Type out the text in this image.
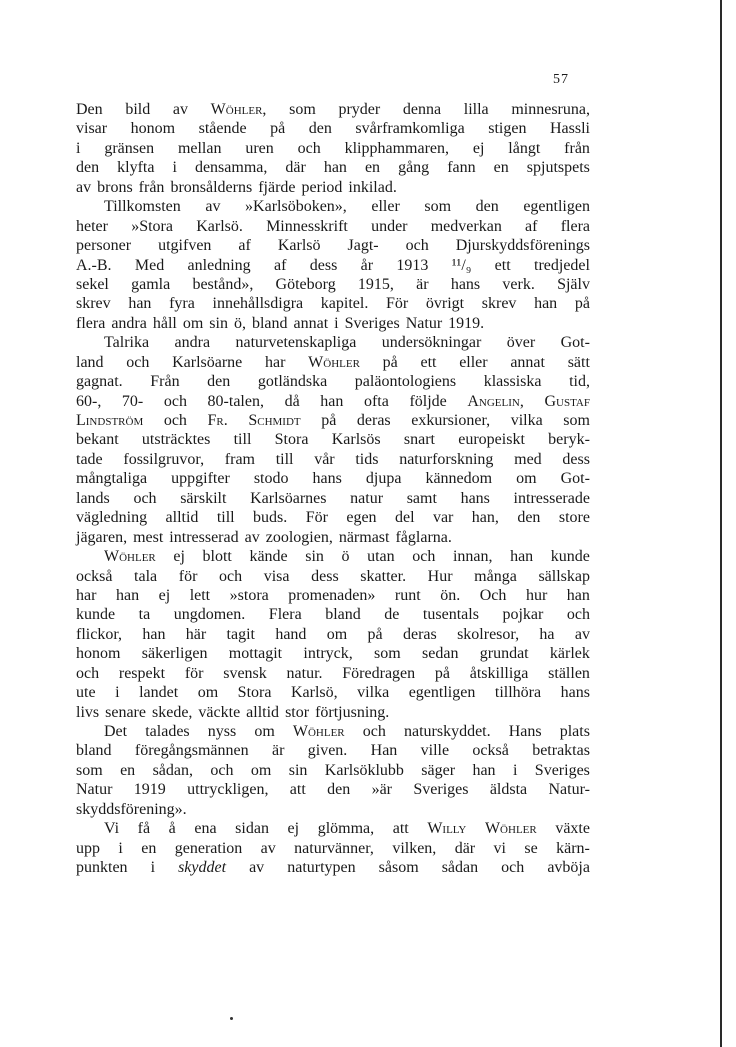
57
Den bild av Wöhler, som pryder denna lilla minnesruna,
visar honom stående på den svårframkomliga stigen Hassli
i gränsen mellan uren och klipphammaren, ej långt från
den klyfta i densamma, där han en gång fann en spjutspets
av brons från bronsålderns fjärde period inkilad.
Tillkomsten av »Karlsöboken», eller som den egentligen
heter »Stora Karlsö. Minnesskrift under medverkan af flera
personer utgifven af Karlsö Jagt- och Djurskyddsförenings
A.-B. Med anledning af dess år 1913 ¹¹/₉ ett tredjedel
sekel gamla bestånd», Göteborg 1915, är hans verk. Själv
skrev han fyra innehållsdigra kapitel. För övrigt skrev han på
flera andra håll om sin ö, bland annat i Sveriges Natur 1919.
Talrika andra naturvetenskapliga undersökningar över Got-
land och Karlsöarne har Wöhler på ett eller annat sätt
gagnat. Från den gotländska paläontologiens klassiska tid,
60-, 70- och 80-talen, då han ofta följde Angelin, Gustaf
Lindström och Fr. Schmidt på deras exkursioner, vilka som
bekant utsträcktes till Stora Karlsös snart europeiskt beryk-
tade fossilgruvor, fram till vår tids naturforskning med dess
mångtaliga uppgifter stodo hans djupa kännedom om Got-
lands och särskilt Karlsöarnes natur samt hans intresserade
vägledning alltid till buds. För egen del var han, den store
jägaren, mest intresserad av zoologien, närmast fåglarna.
Wöhler ej blott kände sin ö utan och innan, han kunde
också tala för och visa dess skatter. Hur många sällskap
har han ej lett »stora promenaden» runt ön. Och hur han
kunde ta ungdomen. Flera bland de tusentals pojkar och
flickor, han här tagit hand om på deras skolresor, ha av
honom säkerligen mottagit intryck, som sedan grundat kärlek
och respekt för svensk natur. Föredragen på åtskilliga ställen
ute i landet om Stora Karlsö, vilka egentligen tillhöra hans
livs senare skede, väckte alltid stor förtjusning.
Det talades nyss om Wöhler och naturskyddet. Hans plats
bland föregångsmännen är given. Han ville också betraktas
som en sådan, och om sin Karlsöklubb säger han i Sveriges
Natur 1919 uttryckligen, att den »är Sveriges äldsta Natur-
skyddsförening».
Vi få å ena sidan ej glömma, att Willy Wöhler växte
upp i en generation av naturvänner, vilken, där vi se kärn-
punkten i skyddet av naturtypen såsom sådan och avböja
